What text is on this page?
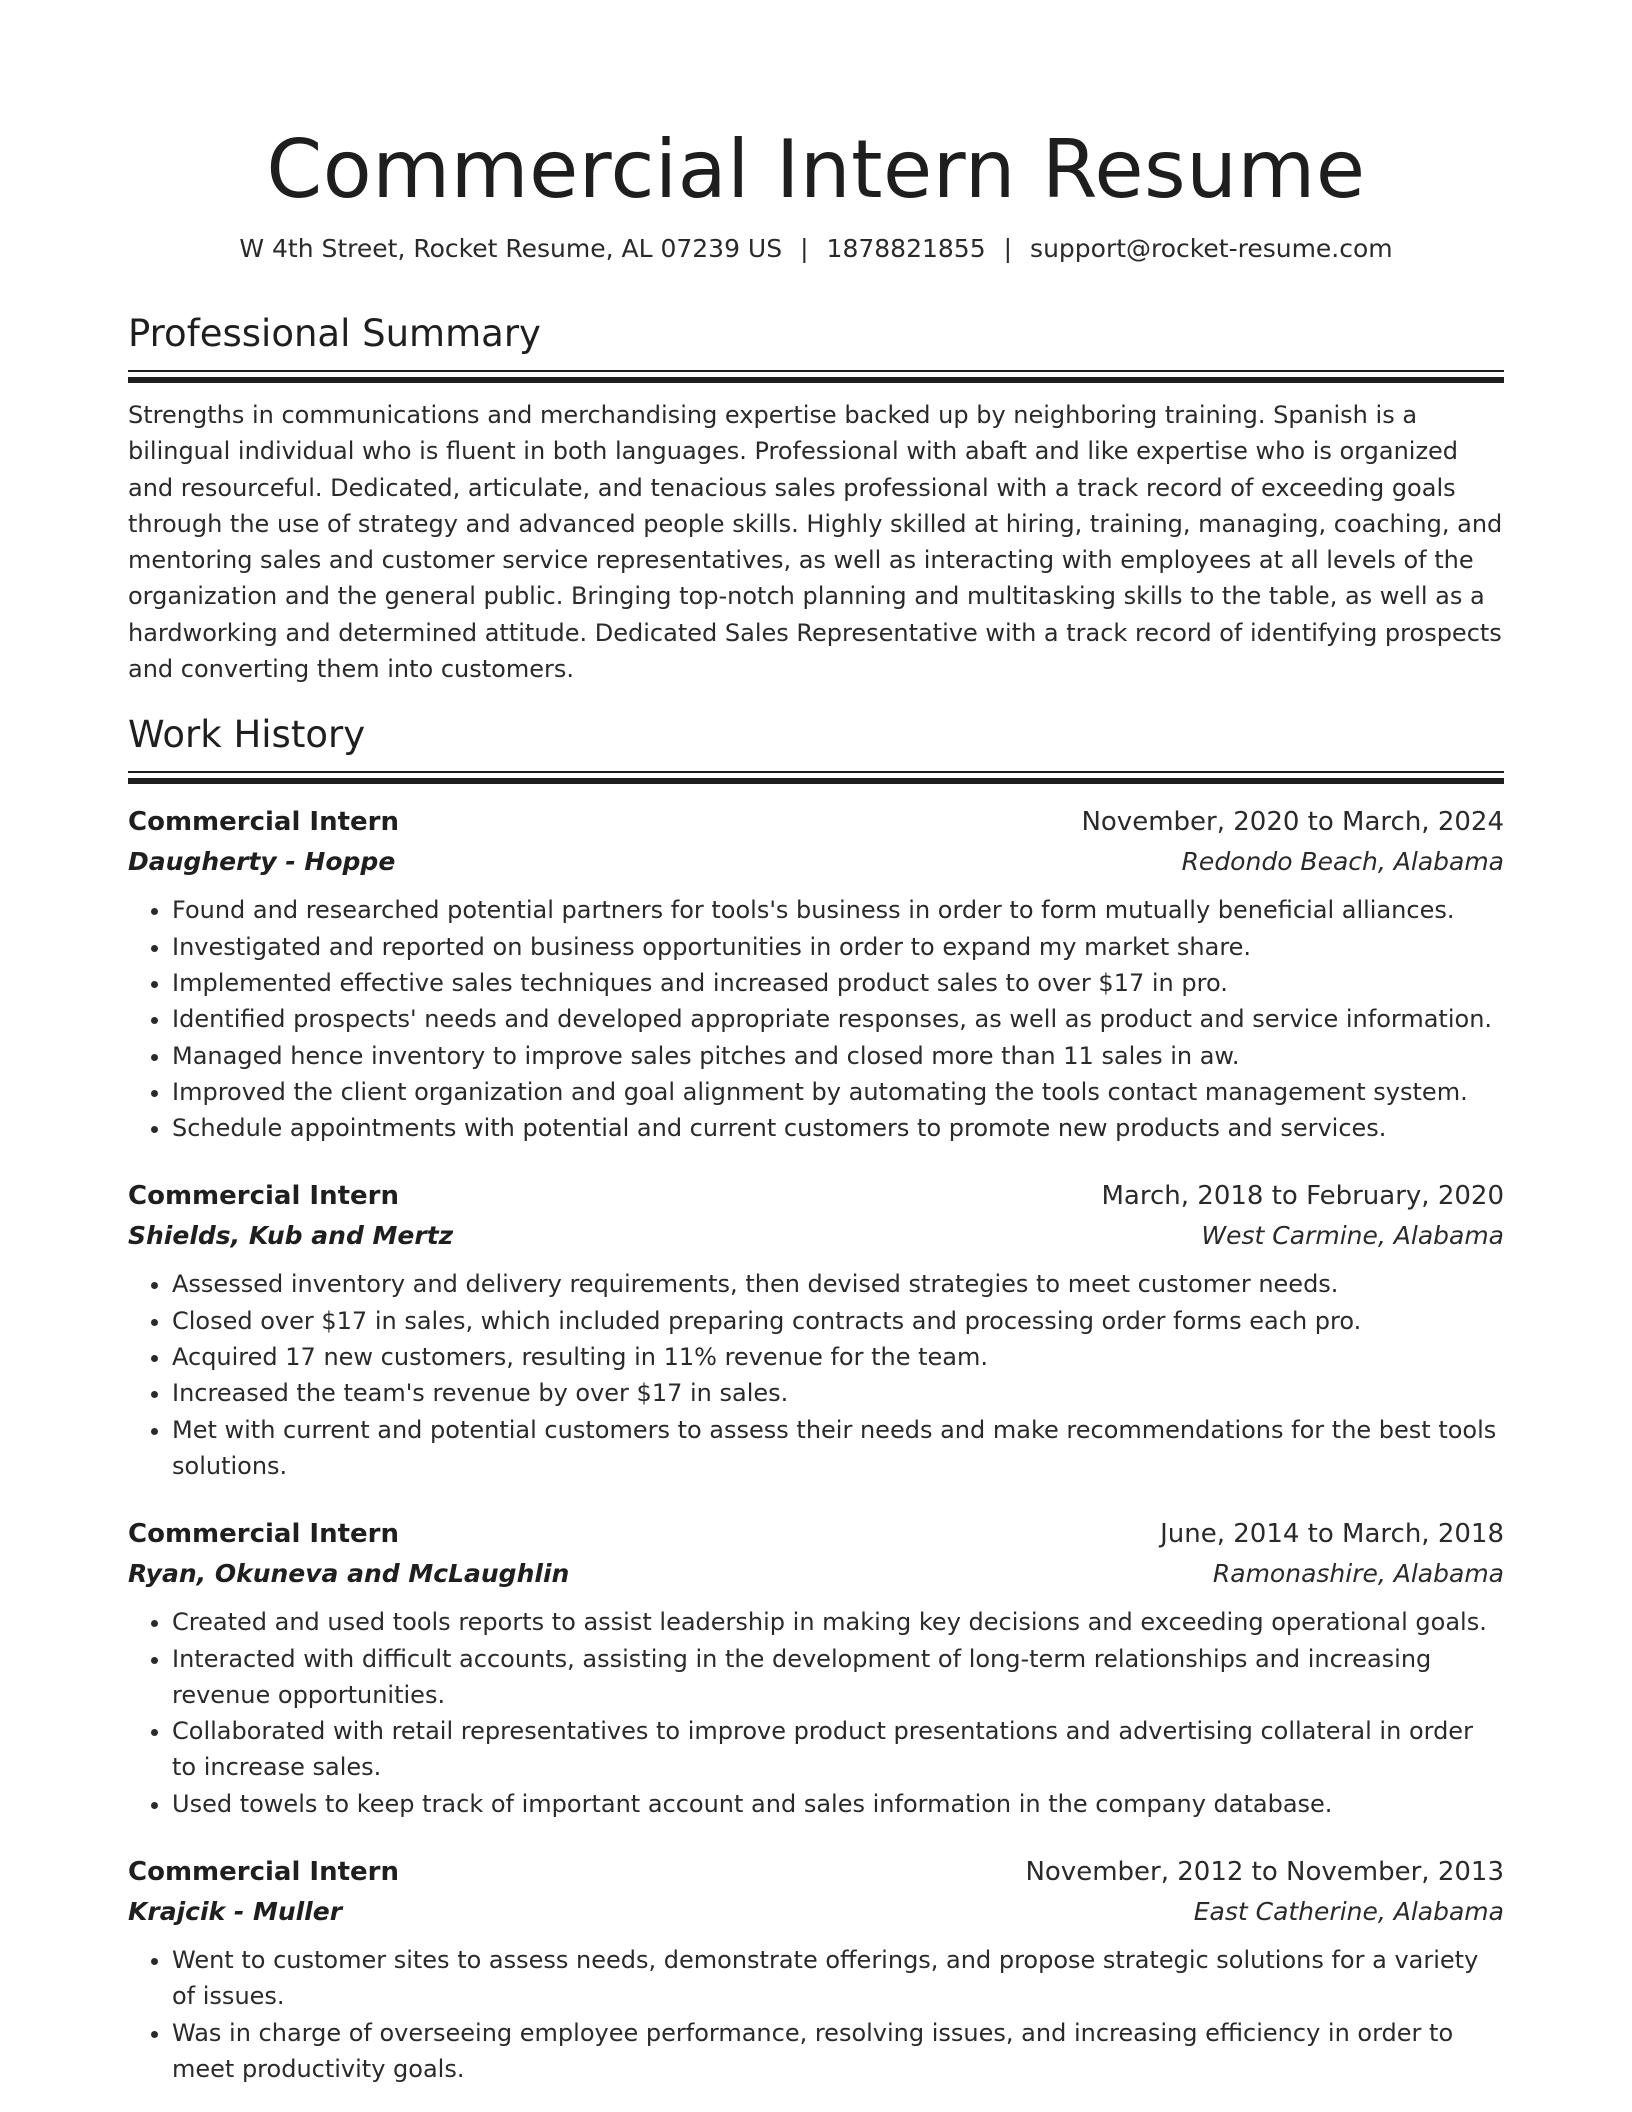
Commercial Intern Resume
W 4th Street, Rocket Resume, AL 07239 US | 1878821855 | support@rocket-resume.com
Professional Summary

Strengths in communications and merchandising expertise backed up by neighboring training. Spanish is a bilingual individual who is fluent in both languages. Professional with abaft and like expertise who is organized and resourceful. Dedicated, articulate, and tenacious sales professional with a track record of exceeding goals through the use of strategy and advanced people skills. Highly skilled at hiring, training, managing, coaching, and mentoring sales and customer service representatives, as well as interacting with employees at all levels of the organization and the general public. Bringing top-notch planning and multitasking skills to the table, as well as a hardworking and determined attitude. Dedicated Sales Representative with a track record of identifying prospects and converting them into customers.

Work History
Commercial Intern	November, 2020 to March, 2024
Daugherty - Hoppe	Redondo Beach, Alabama
• Found and researched potential partners for tools's business in order to form mutually beneficial alliances.
• Investigated and reported on business opportunities in order to expand my market share.
• Implemented effective sales techniques and increased product sales to over $17 in pro.
• Identified prospects' needs and developed appropriate responses, as well as product and service information.
• Managed hence inventory to improve sales pitches and closed more than 11 sales in aw.
• Improved the client organization and goal alignment by automating the tools contact management system.
• Schedule appointments with potential and current customers to promote new products and services.
Commercial Intern	March, 2018 to February, 2020
Shields, Kub and Mertz	West Carmine, Alabama
• Assessed inventory and delivery requirements, then devised strategies to meet customer needs.
• Closed over $17 in sales, which included preparing contracts and processing order forms each pro.
• Acquired 17 new customers, resulting in 11% revenue for the team.
• Increased the team's revenue by over $17 in sales.
• Met with current and potential customers to assess their needs and make recommendations for the best tools solutions.
Commercial Intern	June, 2014 to March, 2018
Ryan, Okuneva and McLaughlin	Ramonashire, Alabama
• Created and used tools reports to assist leadership in making key decisions and exceeding operational goals.
• Interacted with difficult accounts, assisting in the development of long-term relationships and increasing revenue opportunities.
• Collaborated with retail representatives to improve product presentations and advertising collateral in order to increase sales.
• Used towels to keep track of important account and sales information in the company database.
Commercial Intern	November, 2012 to November, 2013
Krajcik - Muller	East Catherine, Alabama
• Went to customer sites to assess needs, demonstrate offerings, and propose strategic solutions for a variety of issues.
• Was in charge of overseeing employee performance, resolving issues, and increasing efficiency in order to meet productivity goals.
